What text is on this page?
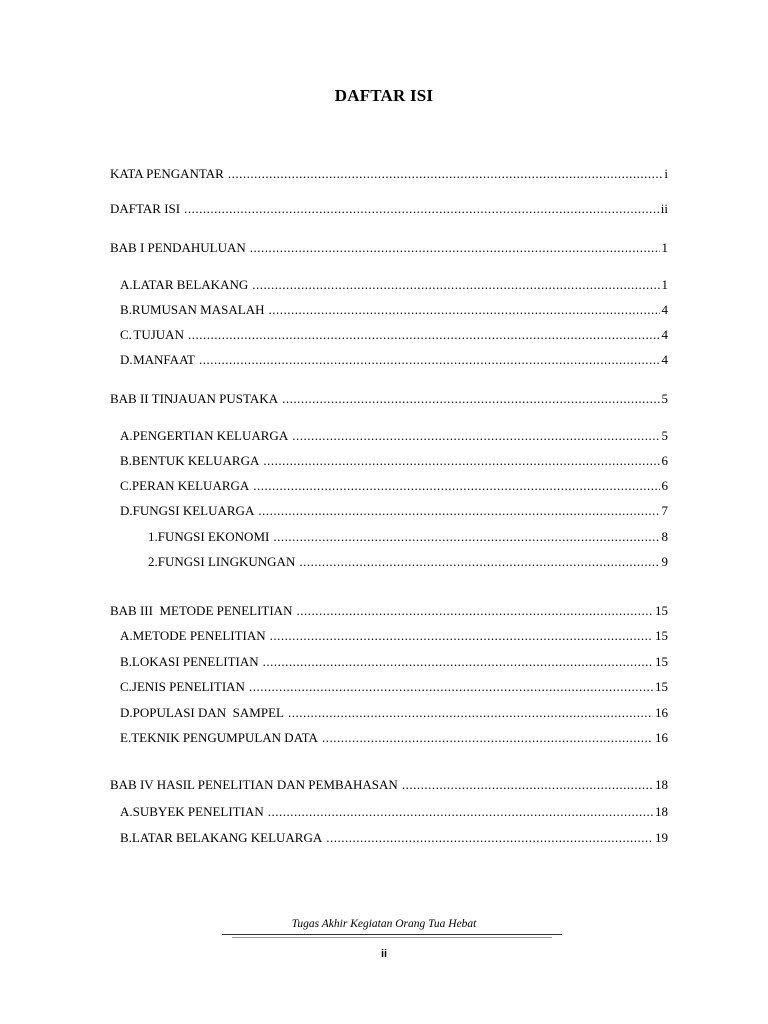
DAFTAR ISI
KATA PENGANTAR .....	i
DAFTAR ISI .....	ii
BAB I PENDAHULUAN .....	1
A. LATAR BELAKANG .....	1
B. RUMUSAN MASALAH .....	4
C. TUJUAN .....	4
D. MANFAAT .....	4
BAB II TINJAUAN PUSTAKA .....	5
A. PENGERTIAN KELUARGA .....	5
B. BENTUK KELUARGA .....	6
C. PERAN KELUARGA .....	6
D. FUNGSI KELUARGA .....	7
1. FUNGSI EKONOMI .....	8
2. FUNGSI LINGKUNGAN .....	9
BAB III  METODE PENELITIAN .....	15
A. METODE PENELITIAN .....	15
B. LOKASI PENELITIAN .....	15
C. JENIS PENELITIAN .....	15
D. POPULASI DAN  SAMPEL .....	16
E. TEKNIK PENGUMPULAN DATA .....	16
BAB IV HASIL PENELITIAN DAN PEMBAHASAN .....	18
A. SUBYEK PENELITIAN .....	18
B. LATAR BELAKANG KELUARGA .....	19
Tugas Akhir Kegiatan Orang Tua Hebat
ii
